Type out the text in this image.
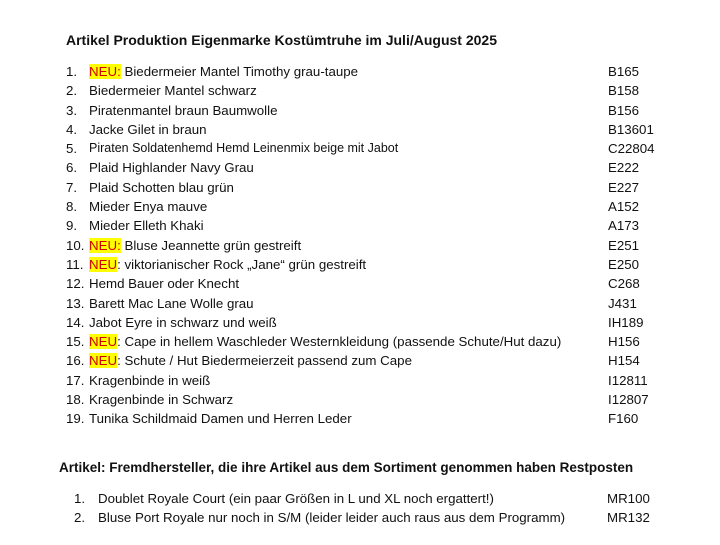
Artikel Produktion Eigenmarke Kostümtruhe im Juli/August 2025
1. NEU: Biedermeier Mantel Timothy grau-taupe	B165
2. Biedermeier Mantel schwarz	B158
3. Piratenmantel braun Baumwolle	B156
4. Jacke Gilet in braun	B13601
5. Piraten Soldatenhemd Hemd Leinenmix beige mit Jabot	C22804
6. Plaid Highlander Navy Grau	E222
7. Plaid Schotten blau grün	E227
8. Mieder Enya mauve	A152
9. Mieder Elleth Khaki	A173
10. NEU: Bluse Jeannette grün gestreift	E251
11. NEU: viktorianischer Rock „Jane“ grün gestreift	E250
12. Hemd Bauer oder Knecht	C268
13. Barett Mac Lane Wolle grau	J431
14. Jabot Eyre in schwarz und weiß	IH189
15. NEU: Cape in hellem Waschleder Westernkleidung (passende Schute/Hut dazu)	H156
16. NEU: Schute / Hut Biedermeierzeit passend zum Cape	H154
17. Kragenbinde in weiß	I12811
18. Kragenbinde in Schwarz	I12807
19. Tunika Schildmaid Damen und Herren Leder	F160
Artikel: Fremdhersteller, die ihre Artikel aus dem Sortiment genommen haben Restposten
1. Doublet Royale Court (ein paar Größen in L und XL noch ergattert!)	MR100
2. Bluse Port Royale nur noch in S/M (leider leider auch raus aus dem Programm)	MR132
